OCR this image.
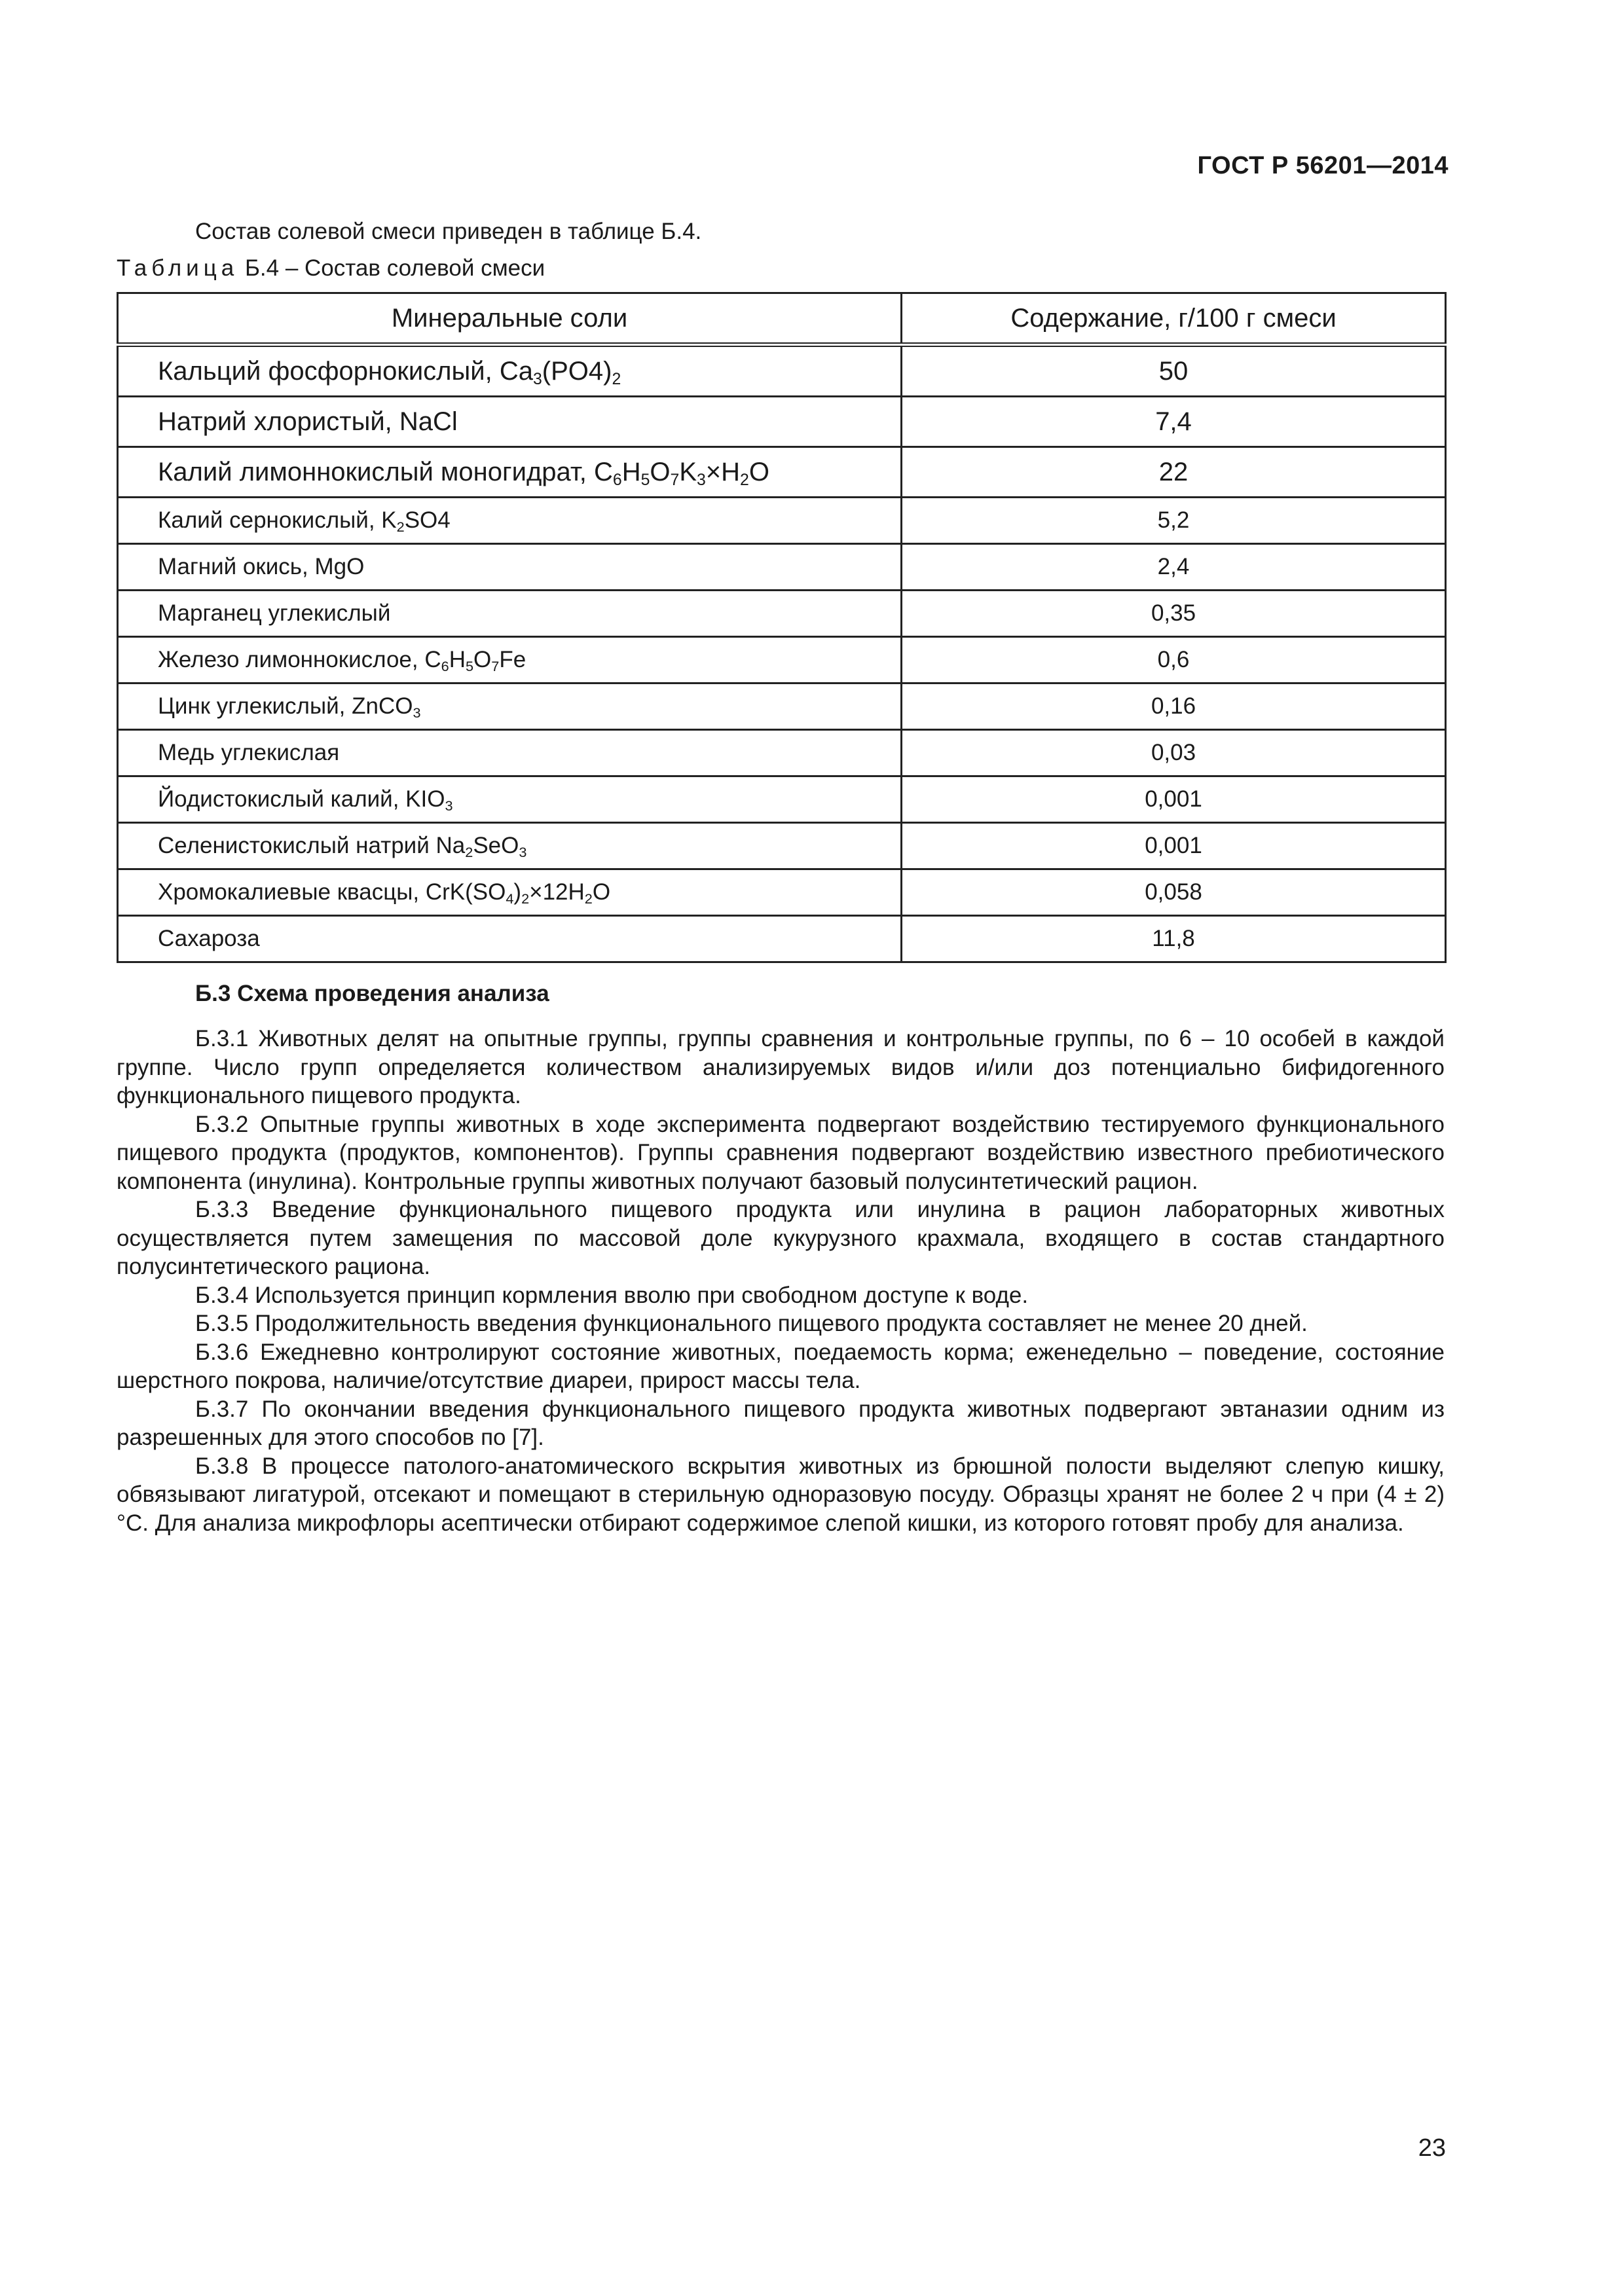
ГОСТ Р 56201—2014
Состав солевой смеси приведен в таблице Б.4.
Таблица Б.4 – Состав солевой смеси
Минеральные соли	Содержание, г/100 г смеси
Кальций фосфорнокислый, $Ca_3(PO4)_2$	50
Натрий хлористый, NaCl	7,4
Калий лимоннокислый моногидрат, $C_6H_5O_7K_3\times H_2O$	22
Калий сернокислый, $K_2SO4$	5,2
Магний окись, MgO	2,4
Марганец углекислый	0,35
Железо лимоннокислое, $C_6H_5O_7Fe$	0,6
Цинк углекислый, ZnCO$_3$	0,16
Медь углекислая	0,03
Йодистокислый калий, $KIO_3$	0,001
Селенистокислый натрий $Na_2SeO_3$	0,001
Хромокалиевые квасцы, $CrK(SO_4)_2\times 12H_2O$	0,058
Сахароза	11,8
Б.3 Схема проведения анализа

Б.3.1 Животных делят на опытные группы, группы сравнения и контрольные группы, по 6 – 10 особей в каждой группе. Число групп определяется количеством анализируемых видов и/или доз потенциально бифидогенного функционального пищевого продукта.

Б.3.2 Опытные группы животных в ходе эксперимента подвергают воздействию тестируемого функционального пищевого продукта (продуктов, компонентов). Группы сравнения подвергают воздействию известного пребиотического компонента (инулина). Контрольные группы животных получают базовый полусинтетический рацион.

Б.3.3 Введение функционального пищевого продукта или инулина в рацион лабораторных животных осуществляется путем замещения по массовой доле кукурузного крахмала, входящего в состав стандартного полусинтетического рациона.

Б.3.4 Используется принцип кормления вволю при свободном доступе к воде.

Б.3.5 Продолжительность введения функционального пищевого продукта составляет не менее 20 дней.

Б.3.6 Ежедневно контролируют состояние животных, поедаемость корма; еженедельно – поведение, состояние шерстного покрова, наличие/отсутствие диареи, прирост массы тела.

Б.3.7 По окончании введения функционального пищевого продукта животных подвергают эвтаназии одним из разрешенных для этого способов по [7].

Б.3.8 В процессе патолого-анатомического вскрытия животных из брюшной полости выделяют слепую кишку, обвязывают лигатурой, отсекают и помещают в стерильную одноразовую посуду. Образцы хранят не более 2 ч при (4 ± 2) °С. Для анализа микрофлоры асептически отбирают содержимое слепой кишки, из которого готовят пробу для анализа.

23
